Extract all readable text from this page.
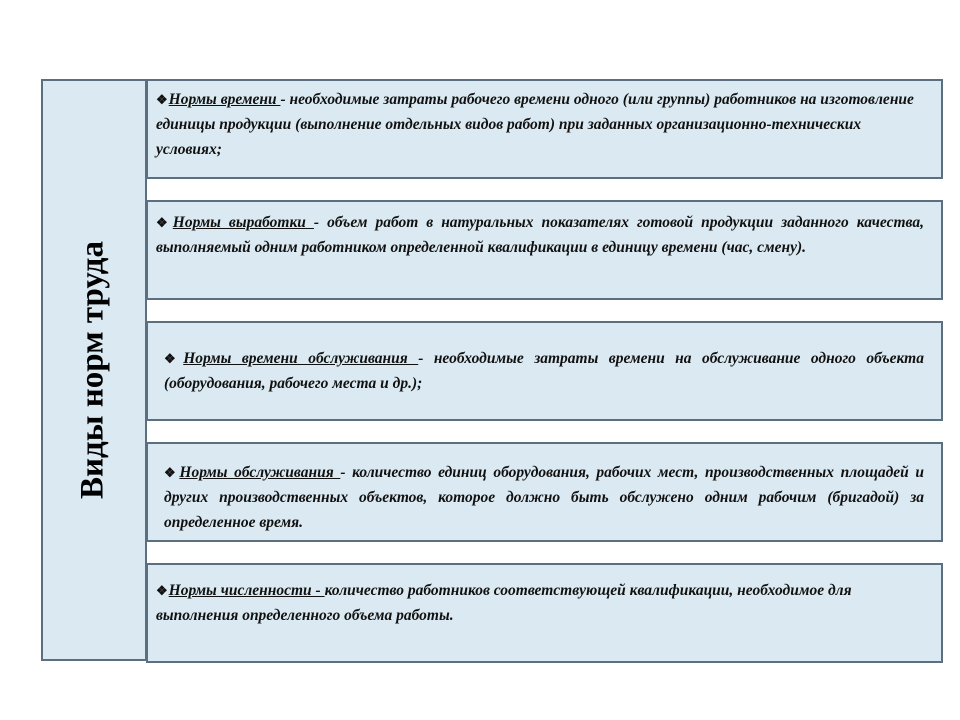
Виды норм труда
❖Нормы времени - необходимые затраты рабочего времени одного (или группы) работников на изготовление единицы продукции (выполнение отдельных видов работ) при заданных организационно-технических условиях;
❖Нормы выработки - объем работ в натуральных показателях готовой продукции заданного качества, выполняемый одним работником определенной квалификации в единицу времени (час, смену).
❖Нормы времени обслуживания - необходимые затраты времени на обслуживание одного объекта (оборудования, рабочего места и др.);
❖Нормы обслуживания - количество единиц оборудования, рабочих мест, производственных площадей и других производственных объектов, которое должно быть обслужено одним рабочим (бригадой) за определенное время.
❖Нормы численности - количество работников соответствующей квалификации, необходимое для выполнения определенного объема работы.
